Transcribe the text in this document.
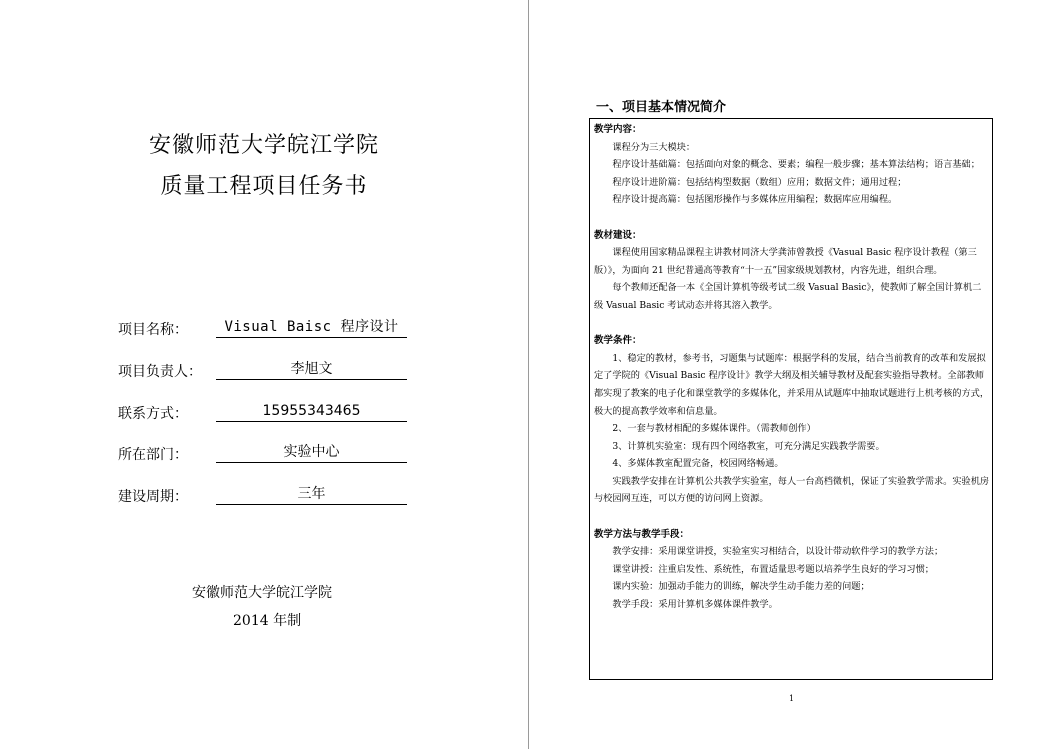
安徽师范大学皖江学院
质量工程项目任务书
项目名称：	Visual Baisc 程序设计
项目负责人：	李旭文
联系方式：	15955343465
所在部门：	实验中心
建设周期：	三年
安徽师范大学皖江学院
2014 年制
一、项目基本情况简介

教学内容：

课程分为三大模块：

程序设计基础篇：包括面向对象的概念、要素；编程一般步骤；基本算法结构；语言基础；

程序设计进阶篇：包括结构型数据（数组）应用；数据文件；通用过程；

程序设计提高篇：包括图形操作与多媒体应用编程；数据库应用编程。

教材建设：

课程使用国家精品课程主讲教材同济大学龚沛曾教授《Vasual Basic 程序设计教程（第三版）》，为面向 21 世纪普通高等教育“十一五”国家级规划教材，内容先进，组织合理。

每个教师还配备一本《全国计算机等级考试二级 Vasual Basic》，使教师了解全国计算机二级 Vasual Basic 考试动态并将其溶入教学。

教学条件：

1、稳定的教材，参考书，习题集与试题库：根据学科的发展，结合当前教育的改革和发展拟定了学院的《Visual Basic 程序设计》教学大纲及相关辅导教材及配套实验指导教材。全部教师都实现了教案的电子化和课堂教学的多媒体化，并采用从试题库中抽取试题进行上机考核的方式，极大的提高教学效率和信息量。

2、一套与教材相配的多媒体课件。（需教师创作）

3、计算机实验室：现有四个网络教室，可充分满足实践教学需要。

4、多媒体教室配置完备，校园网络畅通。

实践教学安排在计算机公共教学实验室，每人一台高档微机，保证了实验教学需求。实验机房与校园网互连，可以方便的访问网上资源。

教学方法与教学手段：

教学安排：采用课堂讲授，实验室实习相结合，以设计带动软件学习的教学方法；

课堂讲授：注重启发性、系统性，布置适量思考题以培养学生良好的学习习惯；

课内实验：加强动手能力的训练，解决学生动手能力差的问题；

教学手段：采用计算机多媒体课件教学。

1
